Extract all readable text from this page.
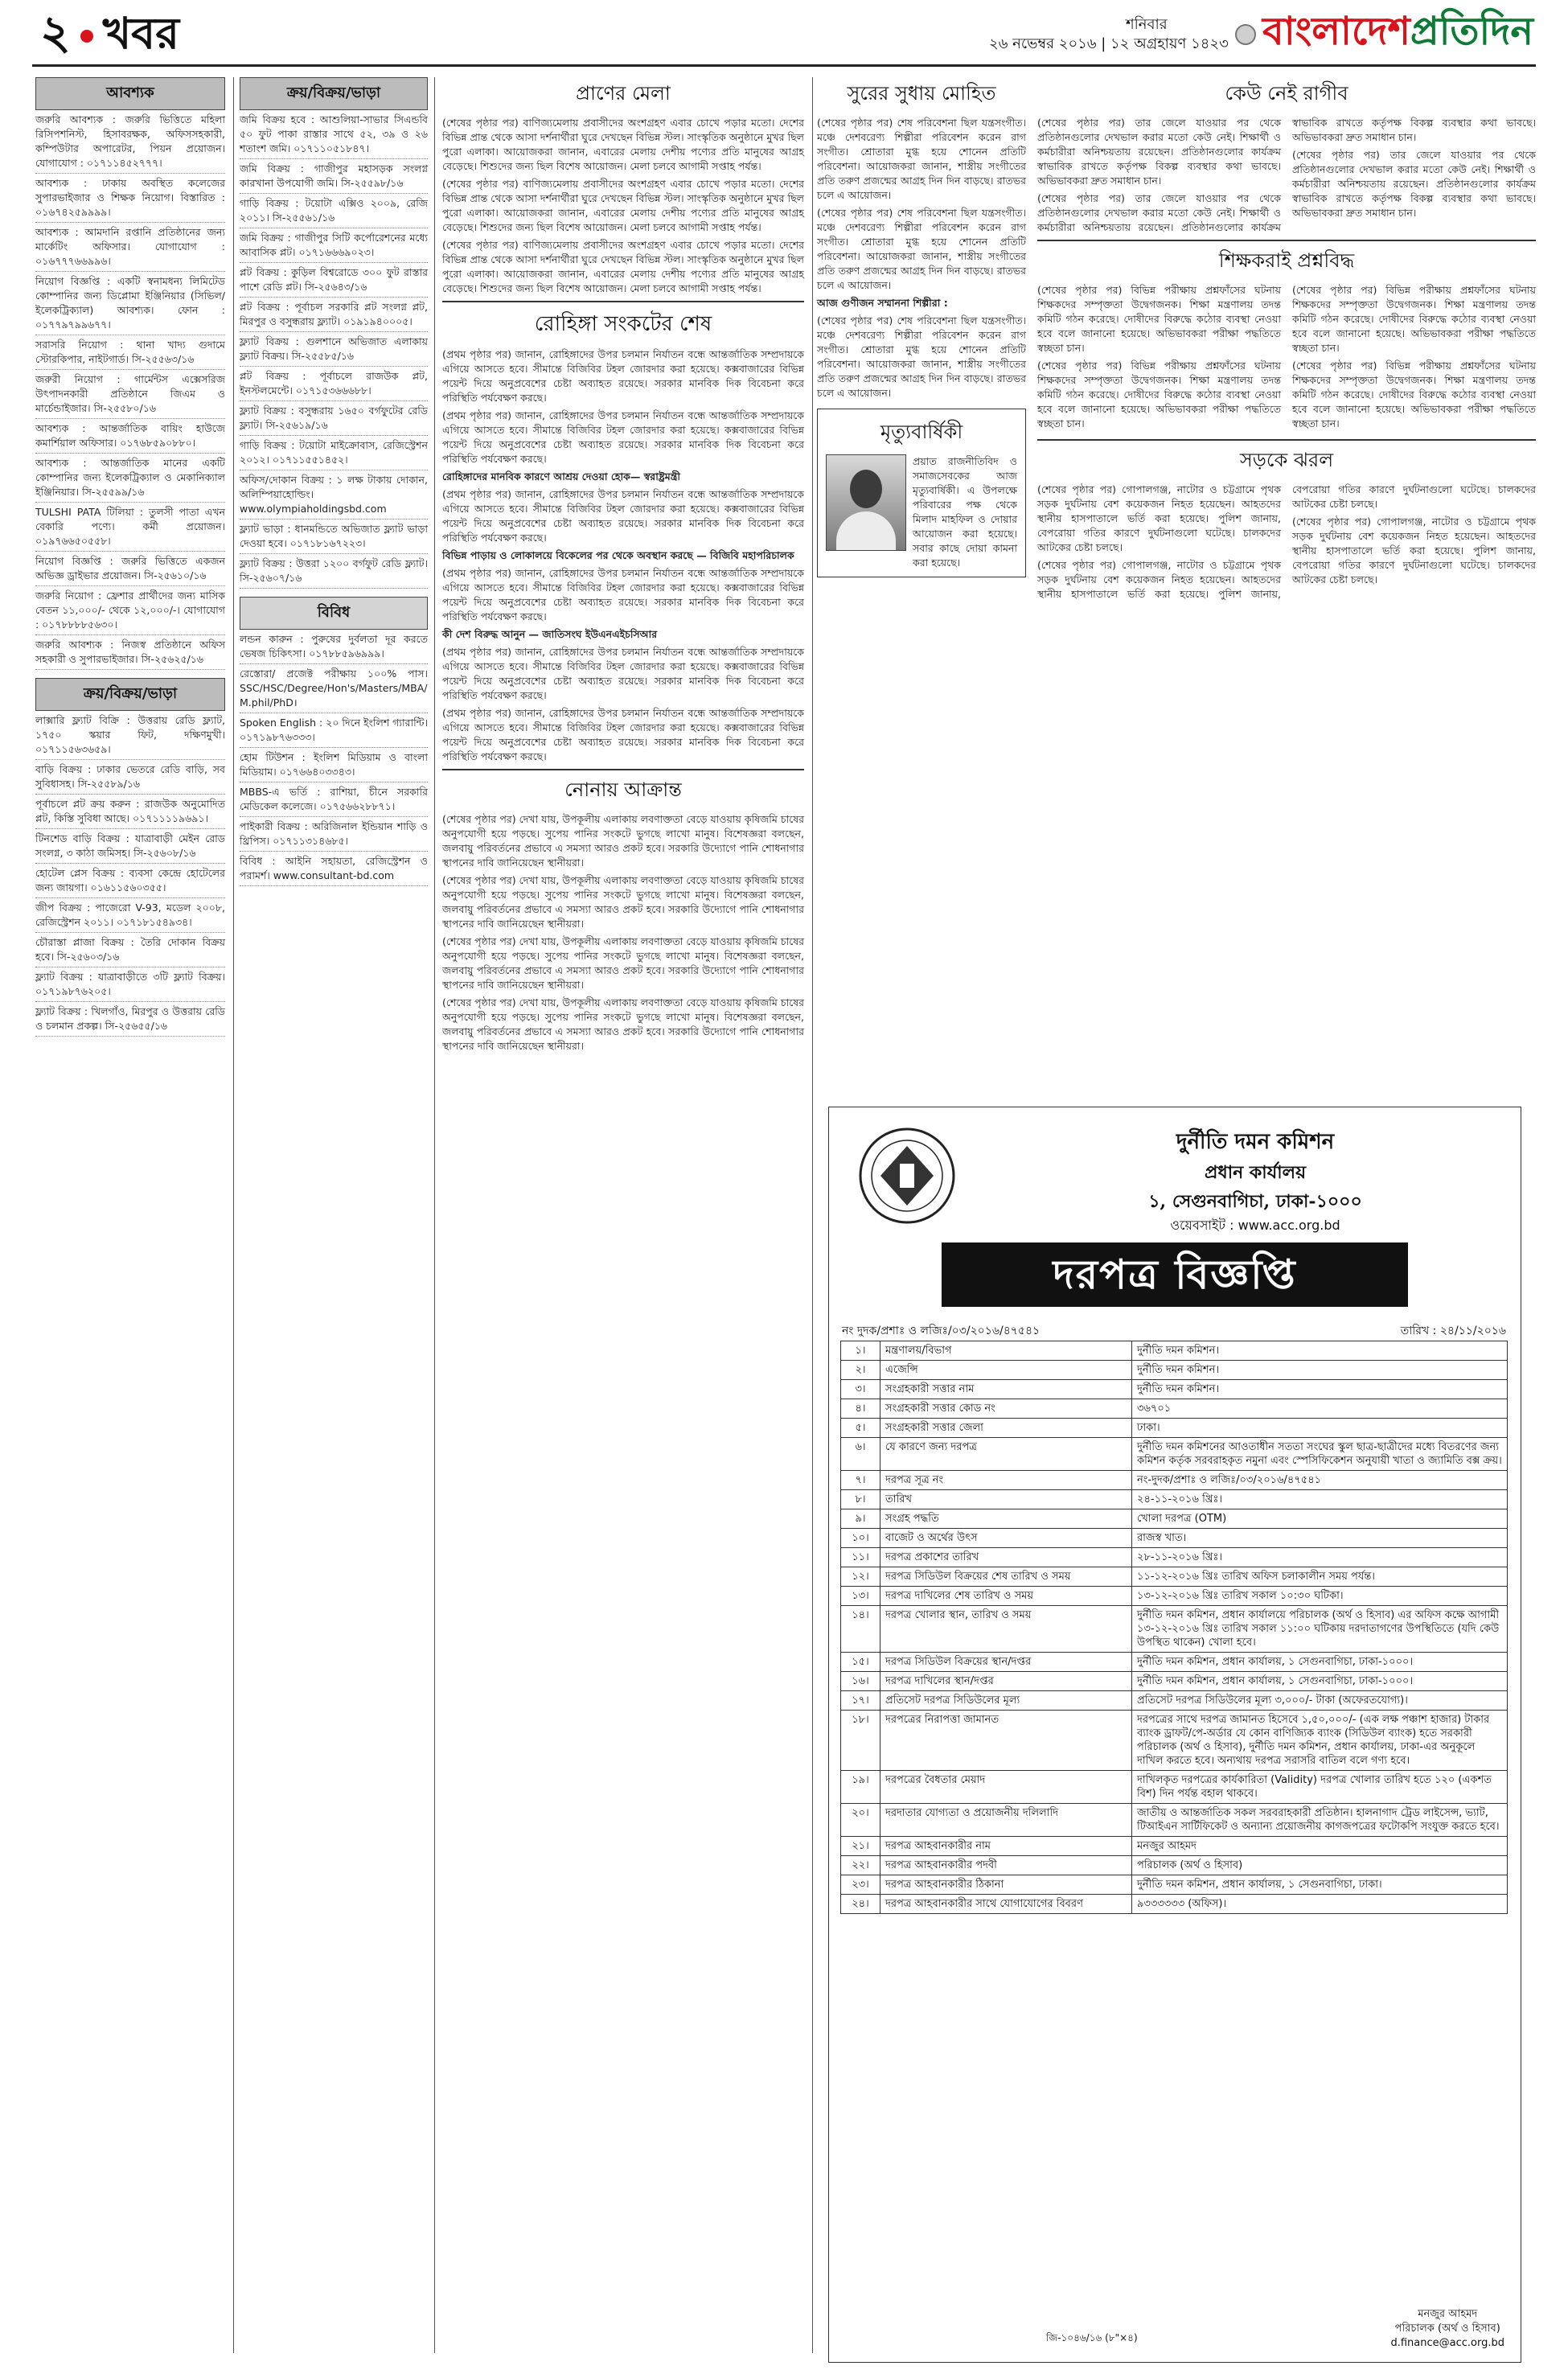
২ খবর	শনিবার
২৬ নভেম্বর ২০১৬ | ১২ অগ্রহায়ণ ১৪২৩ বাংলাদেশপ্রতিদিন
আবশ্যক
জরুরি আবশ্যক : জরুরি ভিত্তিতে মহিলা রিসিপশনিস্ট, হিসাবরক্ষক, অফিসসহকারী, কম্পিউটার অপারেটর, পিয়ন প্রয়োজন। যোগাযোগ : ০১৭১১৪৫২৭৭৭।
আবশ্যক : ঢাকায় অবস্থিত কলেজের সুপারভাইজার ও শিক্ষক নিয়োগ। বিস্তারিত : ০১৬৭৪২৫৯৯৯৯।
আবশ্যক : আমদানি রপ্তানি প্রতিষ্ঠানের জন্য মার্কেটিং অফিসার। যোগাযোগ : ০১৬৭৭৭৬৬৯৯৬।
নিয়োগ বিজ্ঞপ্তি : একটি স্বনামধন্য লিমিটেড কোম্পানির জন্য ডিপ্লোমা ইঞ্জিনিয়ার (সিভিল/ইলেকট্রিক্যাল) আবশ্যক। ফোন : ০১৭৭৯৭৯৯৬৭৭।
সরাসরি নিয়োগ : থানা খাদ্য গুদামে স্টোরকিপার, নাইটগার্ড। সি-২৫৫৬৩/১৬
জরুরী নিয়োগ : গার্মেন্টস এক্সেসরিজ উৎপাদনকারী প্রতিষ্ঠানে জিএম ও মার্চেন্ডাইজার। সি-২৫৫৮০/১৬
আবশ্যক : আন্তর্জাতিক বায়িং হাউজে কমার্শিয়াল অফিসার। ০১৭৬৮৫৯০৮৮০।
আবশ্যক : আন্তর্জাতিক মানের একটি কোম্পানির জন্য ইলেকট্রিক্যাল ও মেকানিক্যাল ইঞ্জিনিয়ার। সি-২৫৫৯৯/১৬
TULSHI PATA টিলিয়া : তুলসী পাতা এখন বেকারি পণ্যে। কর্মী প্রয়োজন। ০১৯৭৬৬৫০৫৫৮।
নিয়োগ বিজ্ঞপ্তি : জরুরি ভিত্তিতে একজন অভিজ্ঞ ড্রাইভার প্রয়োজন। সি-২৫৬১০/১৬
জরুরি নিয়োগ : ফ্রেশার প্রার্থীদের জন্য মাসিক বেতন ১১,০০০/- থেকে ১২,০০০/-। যোগাযোগ : ০১৭৮৮৮৮৫৬৩০।
জরুরি আবশ্যক : নিজস্ব প্রতিষ্ঠানে অফিস সহকারী ও সুপারভাইজার। সি-২৫৬২৫/১৬
ক্রয়/বিক্রয়/ভাড়া
লাক্সারি ফ্ল্যাট বিক্রি : উত্তরায় রেডি ফ্ল্যাট, ১৭৫০ স্কয়ার ফিট, দক্ষিণমুখী। ০১৭১১৫৬৩৬৫৯।
বাড়ি বিক্রয় : ঢাকার ভেতরে রেডি বাড়ি, সব সুবিধাসহ। সি-২৫৫৮৯/১৬
পূর্বাচলে প্লট ক্রয় করুন : রাজউক অনুমোদিত প্লট, কিস্তি সুবিধা আছে। ০১৭১১১১৯৬৯১।
টিনশেড বাড়ি বিক্রয় : যাত্রাবাড়ী মেইন রোড সংলগ্ন, ৩ কাঠা জমিসহ। সি-২৫৬০৮/১৬
হোটেল প্লেস বিক্রয় : ব্যবসা কেন্দ্রে হোটেলের জন্য জায়গা। ০১৬১১৫৬০৩৫৫।
জীপ বিক্রয় : পাজেরো V-93, মডেল ২০০৮, রেজিস্ট্রেশন ২০১১। ০১৭১৮১৫৪৯৩৪।
চৌরাস্তা প্লাজা বিক্রয় : তৈরি দোকান বিক্রয় হবে। সি-২৫৬০৩/১৬
ফ্ল্যাট বিক্রয় : যাত্রাবাড়ীতে ৩টি ফ্ল্যাট বিক্রয়। ০১৭১৯৮৭৬২০৫।
ফ্ল্যাট বিক্রয় : খিলগাঁও, মিরপুর ও উত্তরায় রেডি ও চলমান প্রকল্প। সি-২৫৬৫৫/১৬
ক্রয়/বিক্রয়/ভাড়া
জমি বিক্রয় হবে : আশুলিয়া-সাভার সিএন্ডবি ৫০ ফুট পাকা রাস্তার সাথে ৫২, ৩৯ ও ২৬ শতাংশ জমি। ০১৭১১০৫১৮৪৭।
জমি বিক্রয় : গাজীপুর মহাসড়ক সংলগ্ন কারখানা উপযোগী জমি। সি-২৫৫৯৮/১৬
গাড়ি বিক্রয় : টয়োটা এক্সিও ২০০৯, রেজি ২০১১। সি-২৫৫৬১/১৬
জমি বিক্রয় : গাজীপুর সিটি কর্পোরেশনের মধ্যে আবাসিক প্লট। ০১৭১৬৬৬৯০২৩।
প্লট বিক্রয় : কুড়িল বিশ্বরোডে ৩০০ ফুট রাস্তার পাশে রেডি প্লট। সি-২৫৬৪৩/১৬
প্লট বিক্রয় : পূর্বাচল সরকারি প্লট সংলগ্ন প্লট, মিরপুর ও বসুন্ধরায় ফ্ল্যাট। ০১৯১৯৪০০০৫।
ফ্ল্যাট বিক্রয় : গুলশানে অভিজাত এলাকায় ফ্ল্যাট বিক্রয়। সি-২৫৫৮৫/১৬
প্লট বিক্রয় : পূর্বাচলে রাজউক প্লট, ইনস্টলমেন্টে। ০১৭১৫৩৬৬৬৮৮।
ফ্ল্যাট বিক্রয় : বসুন্ধরায় ১৬৫০ বর্গফুটের রেডি ফ্ল্যাট। সি-২৫৬১৯/১৬
গাড়ি বিক্রয় : টয়োটা মাইক্রোবাস, রেজিস্ট্রেশন ২০১২। ০১৭১১৫৫১৪৫২।
অফিস/দোকান বিক্রয় : ১ লক্ষ টাকায় দোকান, অলিম্পিয়াহোল্ডিং। www.olympiaholdingsbd.com
ফ্ল্যাট ভাড়া : ধানমন্ডিতে অভিজাত ফ্ল্যাট ভাড়া দেওয়া হবে। ০১৭১৮১৬৭২২৩।
ফ্ল্যাট বিক্রয় : উত্তরা ১২০০ বর্গফুট রেডি ফ্ল্যাট। সি-২৫৬০৭/১৬
বিবিধ
লন্ডন কারুন : পুরুষের দুর্বলতা দূর করতে ভেষজ চিকিৎসা। ০১৭৮৮৫৯৬৯৯৯।
রেস্তোরা/ প্রজেক্ট পরীক্ষায় ১০০% পাস। SSC/HSC/Degree/Hon's/Masters/MBA/ M.phil/PhD।
Spoken English : ২০ দিনে ইংলিশ গ্যারান্টি। ০১৭১৯৮৭৬৩৩৩।
হোম টিউশন : ইংলিশ মিডিয়াম ও বাংলা মিডিয়াম। ০১৭৬৬৪০৩৩৪৩।
MBBS-এ ভর্তি : রাশিয়া, চীনে সরকারি মেডিকেল কলেজে। ০১৭৫৬৬২৮৮৭১।
পাইকারী বিক্রয় : অরিজিনাল ইন্ডিয়ান শাড়ি ও থ্রিপিস। ০১৭১১৩১৪৬৮৫।
বিবিধ : আইনি সহায়তা, রেজিস্ট্রেশন ও পরামর্শ। www.consultant-bd.com
প্রাণের মেলা

(শেষের পৃষ্ঠার পর) বাণিজ্যমেলায় প্রবাসীদের অংশগ্রহণ এবার চোখে পড়ার মতো। দেশের বিভিন্ন প্রান্ত থেকে আসা দর্শনার্থীরা ঘুরে দেখছেন বিভিন্ন স্টল। সাংস্কৃতিক অনুষ্ঠানে মুখর ছিল পুরো এলাকা। আয়োজকরা জানান, এবারের মেলায় দেশীয় পণ্যের প্রতি মানুষের আগ্রহ বেড়েছে। শিশুদের জন্য ছিল বিশেষ আয়োজন। মেলা চলবে আগামী সপ্তাহ পর্যন্ত।

(শেষের পৃষ্ঠার পর) বাণিজ্যমেলায় প্রবাসীদের অংশগ্রহণ এবার চোখে পড়ার মতো। দেশের বিভিন্ন প্রান্ত থেকে আসা দর্শনার্থীরা ঘুরে দেখছেন বিভিন্ন স্টল। সাংস্কৃতিক অনুষ্ঠানে মুখর ছিল পুরো এলাকা। আয়োজকরা জানান, এবারের মেলায় দেশীয় পণ্যের প্রতি মানুষের আগ্রহ বেড়েছে। শিশুদের জন্য ছিল বিশেষ আয়োজন। মেলা চলবে আগামী সপ্তাহ পর্যন্ত।

(শেষের পৃষ্ঠার পর) বাণিজ্যমেলায় প্রবাসীদের অংশগ্রহণ এবার চোখে পড়ার মতো। দেশের বিভিন্ন প্রান্ত থেকে আসা দর্শনার্থীরা ঘুরে দেখছেন বিভিন্ন স্টল। সাংস্কৃতিক অনুষ্ঠানে মুখর ছিল পুরো এলাকা। আয়োজকরা জানান, এবারের মেলায় দেশীয় পণ্যের প্রতি মানুষের আগ্রহ বেড়েছে। শিশুদের জন্য ছিল বিশেষ আয়োজন। মেলা চলবে আগামী সপ্তাহ পর্যন্ত।

রোহিঙ্গা সংকটের শেষ

(প্রথম পৃষ্ঠার পর) জানান, রোহিঙ্গাদের উপর চলমান নির্যাতন বন্ধে আন্তর্জাতিক সম্প্রদায়কে এগিয়ে আসতে হবে। সীমান্তে বিজিবির টহল জোরদার করা হয়েছে। কক্সবাজারের বিভিন্ন পয়েন্ট দিয়ে অনুপ্রবেশের চেষ্টা অব্যাহত রয়েছে। সরকার মানবিক দিক বিবেচনা করে পরিস্থিতি পর্যবেক্ষণ করছে।

(প্রথম পৃষ্ঠার পর) জানান, রোহিঙ্গাদের উপর চলমান নির্যাতন বন্ধে আন্তর্জাতিক সম্প্রদায়কে এগিয়ে আসতে হবে। সীমান্তে বিজিবির টহল জোরদার করা হয়েছে। কক্সবাজারের বিভিন্ন পয়েন্ট দিয়ে অনুপ্রবেশের চেষ্টা অব্যাহত রয়েছে। সরকার মানবিক দিক বিবেচনা করে পরিস্থিতি পর্যবেক্ষণ করছে।

রোহিঙ্গাদের মানবিক কারণে আশ্রয় দেওয়া হোক— স্বরাষ্ট্রমন্ত্রী

(প্রথম পৃষ্ঠার পর) জানান, রোহিঙ্গাদের উপর চলমান নির্যাতন বন্ধে আন্তর্জাতিক সম্প্রদায়কে এগিয়ে আসতে হবে। সীমান্তে বিজিবির টহল জোরদার করা হয়েছে। কক্সবাজারের বিভিন্ন পয়েন্ট দিয়ে অনুপ্রবেশের চেষ্টা অব্যাহত রয়েছে। সরকার মানবিক দিক বিবেচনা করে পরিস্থিতি পর্যবেক্ষণ করছে।

বিভিন্ন পাড়ায় ও লোকালয়ে বিকেলের পর থেকে অবস্থান করছে — বিজিবি মহাপরিচালক

(প্রথম পৃষ্ঠার পর) জানান, রোহিঙ্গাদের উপর চলমান নির্যাতন বন্ধে আন্তর্জাতিক সম্প্রদায়কে এগিয়ে আসতে হবে। সীমান্তে বিজিবির টহল জোরদার করা হয়েছে। কক্সবাজারের বিভিন্ন পয়েন্ট দিয়ে অনুপ্রবেশের চেষ্টা অব্যাহত রয়েছে। সরকার মানবিক দিক বিবেচনা করে পরিস্থিতি পর্যবেক্ষণ করছে।

কী দেশ বিরুদ্ধ আনুন — জাতিসংঘ ইউএনএইচসিআর

(প্রথম পৃষ্ঠার পর) জানান, রোহিঙ্গাদের উপর চলমান নির্যাতন বন্ধে আন্তর্জাতিক সম্প্রদায়কে এগিয়ে আসতে হবে। সীমান্তে বিজিবির টহল জোরদার করা হয়েছে। কক্সবাজারের বিভিন্ন পয়েন্ট দিয়ে অনুপ্রবেশের চেষ্টা অব্যাহত রয়েছে। সরকার মানবিক দিক বিবেচনা করে পরিস্থিতি পর্যবেক্ষণ করছে।

(প্রথম পৃষ্ঠার পর) জানান, রোহিঙ্গাদের উপর চলমান নির্যাতন বন্ধে আন্তর্জাতিক সম্প্রদায়কে এগিয়ে আসতে হবে। সীমান্তে বিজিবির টহল জোরদার করা হয়েছে। কক্সবাজারের বিভিন্ন পয়েন্ট দিয়ে অনুপ্রবেশের চেষ্টা অব্যাহত রয়েছে। সরকার মানবিক দিক বিবেচনা করে পরিস্থিতি পর্যবেক্ষণ করছে।

নোনায় আক্রান্ত

(শেষের পৃষ্ঠার পর) দেখা যায়, উপকূলীয় এলাকায় লবণাক্ততা বেড়ে যাওয়ায় কৃষিজমি চাষের অনুপযোগী হয়ে পড়ছে। সুপেয় পানির সংকটে ভুগছে লাখো মানুষ। বিশেষজ্ঞরা বলছেন, জলবায়ু পরিবর্তনের প্রভাবে এ সমস্যা আরও প্রকট হবে। সরকারি উদ্যোগে পানি শোধনাগার স্থাপনের দাবি জানিয়েছেন স্থানীয়রা।

(শেষের পৃষ্ঠার পর) দেখা যায়, উপকূলীয় এলাকায় লবণাক্ততা বেড়ে যাওয়ায় কৃষিজমি চাষের অনুপযোগী হয়ে পড়ছে। সুপেয় পানির সংকটে ভুগছে লাখো মানুষ। বিশেষজ্ঞরা বলছেন, জলবায়ু পরিবর্তনের প্রভাবে এ সমস্যা আরও প্রকট হবে। সরকারি উদ্যোগে পানি শোধনাগার স্থাপনের দাবি জানিয়েছেন স্থানীয়রা।

(শেষের পৃষ্ঠার পর) দেখা যায়, উপকূলীয় এলাকায় লবণাক্ততা বেড়ে যাওয়ায় কৃষিজমি চাষের অনুপযোগী হয়ে পড়ছে। সুপেয় পানির সংকটে ভুগছে লাখো মানুষ। বিশেষজ্ঞরা বলছেন, জলবায়ু পরিবর্তনের প্রভাবে এ সমস্যা আরও প্রকট হবে। সরকারি উদ্যোগে পানি শোধনাগার স্থাপনের দাবি জানিয়েছেন স্থানীয়রা।

(শেষের পৃষ্ঠার পর) দেখা যায়, উপকূলীয় এলাকায় লবণাক্ততা বেড়ে যাওয়ায় কৃষিজমি চাষের অনুপযোগী হয়ে পড়ছে। সুপেয় পানির সংকটে ভুগছে লাখো মানুষ। বিশেষজ্ঞরা বলছেন, জলবায়ু পরিবর্তনের প্রভাবে এ সমস্যা আরও প্রকট হবে। সরকারি উদ্যোগে পানি শোধনাগার স্থাপনের দাবি জানিয়েছেন স্থানীয়রা।

সুরের সুধায় মোহিত

(শেষের পৃষ্ঠার পর) শেষ পরিবেশনা ছিল যন্ত্রসংগীত। মঞ্চে দেশবরেণ্য শিল্পীরা পরিবেশন করেন রাগ সংগীত। শ্রোতারা মুগ্ধ হয়ে শোনেন প্রতিটি পরিবেশনা। আয়োজকরা জানান, শাস্ত্রীয় সংগীতের প্রতি তরুণ প্রজন্মের আগ্রহ দিন দিন বাড়ছে। রাতভর চলে এ আয়োজন।

(শেষের পৃষ্ঠার পর) শেষ পরিবেশনা ছিল যন্ত্রসংগীত। মঞ্চে দেশবরেণ্য শিল্পীরা পরিবেশন করেন রাগ সংগীত। শ্রোতারা মুগ্ধ হয়ে শোনেন প্রতিটি পরিবেশনা। আয়োজকরা জানান, শাস্ত্রীয় সংগীতের প্রতি তরুণ প্রজন্মের আগ্রহ দিন দিন বাড়ছে। রাতভর চলে এ আয়োজন।

আজ গুণীজন সম্মাননা শিল্পীরা :

(শেষের পৃষ্ঠার পর) শেষ পরিবেশনা ছিল যন্ত্রসংগীত। মঞ্চে দেশবরেণ্য শিল্পীরা পরিবেশন করেন রাগ সংগীত। শ্রোতারা মুগ্ধ হয়ে শোনেন প্রতিটি পরিবেশনা। আয়োজকরা জানান, শাস্ত্রীয় সংগীতের প্রতি তরুণ প্রজন্মের আগ্রহ দিন দিন বাড়ছে। রাতভর চলে এ আয়োজন।

মৃত্যুবার্ষিকী
প্রয়াত রাজনীতিবিদ ও সমাজসেবকের আজ মৃত্যুবার্ষিকী। এ উপলক্ষে পরিবারের পক্ষ থেকে মিলাদ মাহফিল ও দোয়ার আয়োজন করা হয়েছে। সবার কাছে দোয়া কামনা করা হয়েছে।
কেউ নেই রাগীব

(শেষের পৃষ্ঠার পর) তার জেলে যাওয়ার পর থেকে প্রতিষ্ঠানগুলোর দেখভাল করার মতো কেউ নেই। শিক্ষার্থী ও কর্মচারীরা অনিশ্চয়তায় রয়েছেন। প্রতিষ্ঠানগুলোর কার্যক্রম স্বাভাবিক রাখতে কর্তৃপক্ষ বিকল্প ব্যবস্থার কথা ভাবছে। অভিভাবকরা দ্রুত সমাধান চান।

(শেষের পৃষ্ঠার পর) তার জেলে যাওয়ার পর থেকে প্রতিষ্ঠানগুলোর দেখভাল করার মতো কেউ নেই। শিক্ষার্থী ও কর্মচারীরা অনিশ্চয়তায় রয়েছেন। প্রতিষ্ঠানগুলোর কার্যক্রম স্বাভাবিক রাখতে কর্তৃপক্ষ বিকল্প ব্যবস্থার কথা ভাবছে। অভিভাবকরা দ্রুত সমাধান চান।

(শেষের পৃষ্ঠার পর) তার জেলে যাওয়ার পর থেকে প্রতিষ্ঠানগুলোর দেখভাল করার মতো কেউ নেই। শিক্ষার্থী ও কর্মচারীরা অনিশ্চয়তায় রয়েছেন। প্রতিষ্ঠানগুলোর কার্যক্রম স্বাভাবিক রাখতে কর্তৃপক্ষ বিকল্প ব্যবস্থার কথা ভাবছে। অভিভাবকরা দ্রুত সমাধান চান।

শিক্ষকরাই প্রশ্নবিদ্ধ

(শেষের পৃষ্ঠার পর) বিভিন্ন পরীক্ষায় প্রশ্নফাঁসের ঘটনায় শিক্ষকদের সম্পৃক্ততা উদ্বেগজনক। শিক্ষা মন্ত্রণালয় তদন্ত কমিটি গঠন করেছে। দোষীদের বিরুদ্ধে কঠোর ব্যবস্থা নেওয়া হবে বলে জানানো হয়েছে। অভিভাবকরা পরীক্ষা পদ্ধতিতে স্বচ্ছতা চান।

(শেষের পৃষ্ঠার পর) বিভিন্ন পরীক্ষায় প্রশ্নফাঁসের ঘটনায় শিক্ষকদের সম্পৃক্ততা উদ্বেগজনক। শিক্ষা মন্ত্রণালয় তদন্ত কমিটি গঠন করেছে। দোষীদের বিরুদ্ধে কঠোর ব্যবস্থা নেওয়া হবে বলে জানানো হয়েছে। অভিভাবকরা পরীক্ষা পদ্ধতিতে স্বচ্ছতা চান।

(শেষের পৃষ্ঠার পর) বিভিন্ন পরীক্ষায় প্রশ্নফাঁসের ঘটনায় শিক্ষকদের সম্পৃক্ততা উদ্বেগজনক। শিক্ষা মন্ত্রণালয় তদন্ত কমিটি গঠন করেছে। দোষীদের বিরুদ্ধে কঠোর ব্যবস্থা নেওয়া হবে বলে জানানো হয়েছে। অভিভাবকরা পরীক্ষা পদ্ধতিতে স্বচ্ছতা চান।

(শেষের পৃষ্ঠার পর) বিভিন্ন পরীক্ষায় প্রশ্নফাঁসের ঘটনায় শিক্ষকদের সম্পৃক্ততা উদ্বেগজনক। শিক্ষা মন্ত্রণালয় তদন্ত কমিটি গঠন করেছে। দোষীদের বিরুদ্ধে কঠোর ব্যবস্থা নেওয়া হবে বলে জানানো হয়েছে। অভিভাবকরা পরীক্ষা পদ্ধতিতে স্বচ্ছতা চান।

সড়কে ঝরল

(শেষের পৃষ্ঠার পর) গোপালগঞ্জ, নাটোর ও চট্টগ্রামে পৃথক সড়ক দুর্ঘটনায় বেশ কয়েকজন নিহত হয়েছেন। আহতদের স্থানীয় হাসপাতালে ভর্তি করা হয়েছে। পুলিশ জানায়, বেপরোয়া গতির কারণে দুর্ঘটনাগুলো ঘটেছে। চালকদের আটকের চেষ্টা চলছে।

(শেষের পৃষ্ঠার পর) গোপালগঞ্জ, নাটোর ও চট্টগ্রামে পৃথক সড়ক দুর্ঘটনায় বেশ কয়েকজন নিহত হয়েছেন। আহতদের স্থানীয় হাসপাতালে ভর্তি করা হয়েছে। পুলিশ জানায়, বেপরোয়া গতির কারণে দুর্ঘটনাগুলো ঘটেছে। চালকদের আটকের চেষ্টা চলছে।

(শেষের পৃষ্ঠার পর) গোপালগঞ্জ, নাটোর ও চট্টগ্রামে পৃথক সড়ক দুর্ঘটনায় বেশ কয়েকজন নিহত হয়েছেন। আহতদের স্থানীয় হাসপাতালে ভর্তি করা হয়েছে। পুলিশ জানায়, বেপরোয়া গতির কারণে দুর্ঘটনাগুলো ঘটেছে। চালকদের আটকের চেষ্টা চলছে।

দুর্নীতি দমন কমিশন
প্রধান কার্যালয়
১, সেগুনবাগিচা, ঢাকা-১০০০
ওয়েবসাইট : www.acc.org.bd
দরপত্র বিজ্ঞপ্তি
নং দুদক/প্রশাঃ ও লজিঃ/০৩/২০১৬/৪৭৫৪১	তারিখ : ২৪/১১/২০১৬
১।	মন্ত্রণালয়/বিভাগ	দুর্নীতি দমন কমিশন।
২।	এজেন্সি	দুর্নীতি দমন কমিশন।
৩।	সংগ্রহকারী সত্তার নাম	দুর্নীতি দমন কমিশন।
৪।	সংগ্রহকারী সত্তার কোড নং	৩৬৭০১
৫।	সংগ্রহকারী সত্তার জেলা	ঢাকা।
৬।	যে কারণে জন্য দরপত্র	দুর্নীতি দমন কমিশনের আওতাধীন সততা সংঘের স্কুল ছাত্র-ছাত্রীদের মধ্যে বিতরণের জন্য কমিশন কর্তৃক সরবরাহকৃত নমুনা এবং স্পেসিফিকেশন অনুযায়ী খাতা ও জ্যামিতি বক্স ক্রয়।
৭।	দরপত্র সূত্র নং	নং-দুদক/প্রশাঃ ও লজিঃ/০৩/২০১৬/৪৭৫৪১
৮।	তারিখ	২৪-১১-২০১৬ খ্রিঃ।
৯।	সংগ্রহ পদ্ধতি	খোলা দরপত্র (OTM)
১০।	বাজেট ও অর্থের উৎস	রাজস্ব খাত।
১১।	দরপত্র প্রকাশের তারিখ	২৮-১১-২০১৬ খ্রিঃ।
১২।	দরপত্র সিডিউল বিক্রয়ের শেষ তারিখ ও সময়	১১-১২-২০১৬ খ্রিঃ তারিখ অফিস চলাকালীন সময় পর্যন্ত।
১৩।	দরপত্র দাখিলের শেষ তারিখ ও সময়	১৩-১২-২০১৬ খ্রিঃ তারিখ সকাল ১০:৩০ ঘটিকা।
১৪।	দরপত্র খোলার স্থান, তারিখ ও সময়	দুর্নীতি দমন কমিশন, প্রধান কার্যালয়ে পরিচালক (অর্থ ও হিসাব) এর অফিস কক্ষে আগামী ১৩-১২-২০১৬ খ্রিঃ তারিখ সকাল ১১:০০ ঘটিকায় দরদাতাগণের উপস্থিতিতে (যদি কেউ উপস্থিত থাকেন) খোলা হবে।
১৫।	দরপত্র সিডিউল বিক্রয়ের স্থান/দপ্তর	দুর্নীতি দমন কমিশন, প্রধান কার্যালয়, ১ সেগুনবাগিচা, ঢাকা-১০০০।
১৬।	দরপত্র দাখিলের স্থান/দপ্তর	দুর্নীতি দমন কমিশন, প্রধান কার্যালয়, ১ সেগুনবাগিচা, ঢাকা-১০০০।
১৭।	প্রতিসেট দরপত্র সিডিউলের মূল্য	প্রতিসেট দরপত্র সিডিউলের মূল্য ৩,০০০/- টাকা (অফেরতযোগ্য)।
১৮।	দরপত্রের নিরাপত্তা জামানত	দরপত্রের সাথে দরপত্র জামানত হিসেবে ১,৫০,০০০/- (এক লক্ষ পঞ্চাশ হাজার) টাকার ব্যাংক ড্রাফট/পে-অর্ডার যে কোন বাণিজ্যিক ব্যাংক (সিডিউল ব্যাংক) হতে সরকারী পরিচালক (অর্থ ও হিসাব), দুর্নীতি দমন কমিশন, প্রধান কার্যালয়, ঢাকা-এর অনুকূলে দাখিল করতে হবে। অন্যথায় দরপত্র সরাসরি বাতিল বলে গণ্য হবে।
১৯।	দরপত্রের বৈধতার মেয়াদ	দাখিলকৃত দরপত্রের কার্যকারিতা (Validity) দরপত্র খোলার তারিখ হতে ১২০ (একশত বিশ) দিন পর্যন্ত বহাল থাকবে।
২০।	দরদাতার যোগ্যতা ও প্রয়োজনীয় দলিলাদি	জাতীয় ও আন্তর্জাতিক সকল সরবরাহকারী প্রতিষ্ঠান। হালনাগাদ ট্রেড লাইসেন্স, ভ্যাট, টিআইএন সার্টিফিকেট ও অন্যান্য প্রয়োজনীয় কাগজপত্রের ফটোকপি সংযুক্ত করতে হবে।
২১।	দরপত্র আহবানকারীর নাম	মনজুর আহমদ
২২।	দরপত্র আহবানকারীর পদবী	পরিচালক (অর্থ ও হিসাব)
২৩।	দরপত্র আহবানকারীর ঠিকানা	দুর্নীতি দমন কমিশন, প্রধান কার্যালয়, ১ সেগুনবাগিচা, ঢাকা।
২৪।	দরপত্র আহবানকারীর সাথে যোগাযোগের বিবরণ	৯৩৩৩৩৩৩ (অফিস)।
জি-১০৪৬/১৬ (৮"×৪)
মনজুর আহমদ
পরিচালক (অর্থ ও হিসাব)
d.finance@acc.org.bd
